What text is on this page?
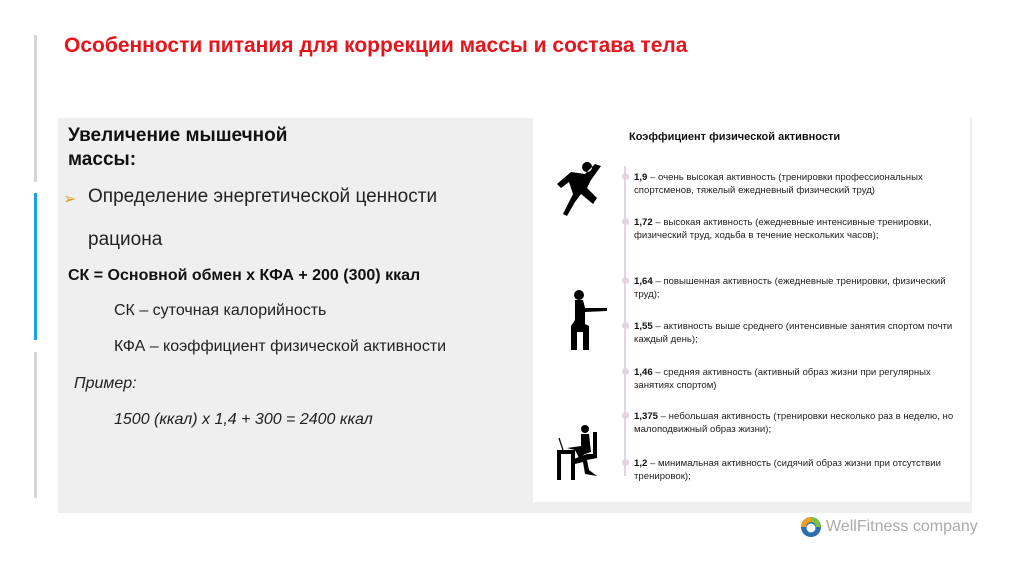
Особенности питания для коррекции массы и состава тела
Увеличение мышечной
массы:
➢ Определение энергетической ценности
рациона
СК = Основной обмен х КФА + 200 (300) ккал
СК – суточная калорийность
КФА – коэффициент физической активности
Пример:
1500 (ккал) х 1,4 + 300 = 2400 ккал
Коэффициент физической активности
1,9 – очень высокая активность (тренировки профессиональных спортсменов, тяжелый ежедневный физический труд)
1,72 – высокая активность (ежедневные интенсивные тренировки, физический труд, ходьба в течение нескольких часов);
1,64 – повышенная активность (ежедневные тренировки, физический труд);
1,55 – активность выше среднего (интенсивные занятия спортом почти каждый день);
1,46 – средняя активность (активный образ жизни при регулярных занятиях спортом)
1,375 – небольшая активность (тренировки несколько раз в неделю, но малоподвижный образ жизни);
1,2 – минимальная активность (сидячий образ жизни при отсутствии тренировок);
WellFitness company
